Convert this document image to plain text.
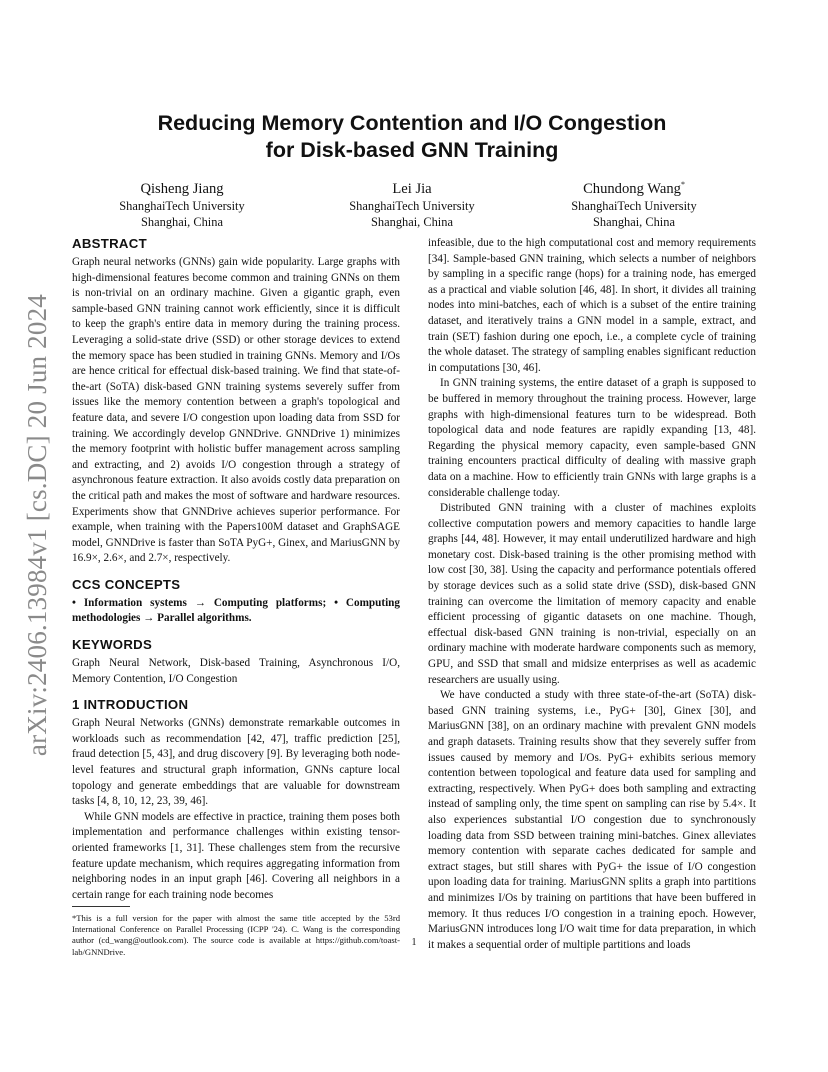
arXiv:2406.13984v1 [cs.DC] 20 Jun 2024
Reducing Memory Contention and I/O Congestion
for Disk-based GNN Training
Qisheng Jiang
ShanghaiTech University
Shanghai, China
Lei Jia
ShanghaiTech University
Shanghai, China
Chundong Wang*
ShanghaiTech University
Shanghai, China
ABSTRACT

Graph neural networks (GNNs) gain wide popularity. Large graphs with high-dimensional features become common and training GNNs on them is non-trivial on an ordinary machine. Given a gigantic graph, even sample-based GNN training cannot work efficiently, since it is difficult to keep the graph's entire data in memory during the training process. Leveraging a solid-state drive (SSD) or other storage devices to extend the memory space has been studied in training GNNs. Memory and I/Os are hence critical for effectual disk-based training. We find that state-of-the-art (SoTA) disk-based GNN training systems severely suffer from issues like the memory contention between a graph's topological and feature data, and severe I/O congestion upon loading data from SSD for training. We accordingly develop GNNDrive. GNNDrive 1) minimizes the memory footprint with holistic buffer management across sampling and extracting, and 2) avoids I/O congestion through a strategy of asynchronous feature extraction. It also avoids costly data preparation on the critical path and makes the most of software and hardware resources. Experiments show that GNNDrive achieves superior performance. For example, when training with the Papers100M dataset and GraphSAGE model, GNNDrive is faster than SoTA PyG+, Ginex, and MariusGNN by 16.9×, 2.6×, and 2.7×, respectively.

CCS CONCEPTS

• Information systems → Computing platforms; • Computing methodologies → Parallel algorithms.

KEYWORDS

Graph Neural Network, Disk-based Training, Asynchronous I/O, Memory Contention, I/O Congestion

1 INTRODUCTION

Graph Neural Networks (GNNs) demonstrate remarkable outcomes in workloads such as recommendation [42, 47], traffic prediction [25], fraud detection [5, 43], and drug discovery [9]. By leveraging both node-level features and structural graph information, GNNs capture local topology and generate embeddings that are valuable for downstream tasks [4, 8, 10, 12, 23, 39, 46].

While GNN models are effective in practice, training them poses both implementation and performance challenges within existing tensor-oriented frameworks [1, 31]. These challenges stem from the recursive feature update mechanism, which requires aggregating information from neighboring nodes in an input graph [46]. Covering all neighbors in a certain range for each training node becomes

infeasible, due to the high computational cost and memory requirements [34]. Sample-based GNN training, which selects a number of neighbors by sampling in a specific range (hops) for a training node, has emerged as a practical and viable solution [46, 48]. In short, it divides all training nodes into mini-batches, each of which is a subset of the entire training dataset, and iteratively trains a GNN model in a sample, extract, and train (SET) fashion during one epoch, i.e., a complete cycle of training the whole dataset. The strategy of sampling enables significant reduction in computations [30, 46].

In GNN training systems, the entire dataset of a graph is supposed to be buffered in memory throughout the training process. However, large graphs with high-dimensional features turn to be widespread. Both topological data and node features are rapidly expanding [13, 48]. Regarding the physical memory capacity, even sample-based GNN training encounters practical difficulty of dealing with massive graph data on a machine. How to efficiently train GNNs with large graphs is a considerable challenge today.

Distributed GNN training with a cluster of machines exploits collective computation powers and memory capacities to handle large graphs [44, 48]. However, it may entail underutilized hardware and high monetary cost. Disk-based training is the other promising method with low cost [30, 38]. Using the capacity and performance potentials offered by storage devices such as a solid state drive (SSD), disk-based GNN training can overcome the limitation of memory capacity and enable efficient processing of gigantic datasets on one machine. Though, effectual disk-based GNN training is non-trivial, especially on an ordinary machine with moderate hardware components such as memory, GPU, and SSD that small and midsize enterprises as well as academic researchers are usually using.

We have conducted a study with three state-of-the-art (SoTA) disk-based GNN training systems, i.e., PyG+ [30], Ginex [30], and MariusGNN [38], on an ordinary machine with prevalent GNN models and graph datasets. Training results show that they severely suffer from issues caused by memory and I/Os. PyG+ exhibits serious memory contention between topological and feature data used for sampling and extracting, respectively. When PyG+ does both sampling and extracting instead of sampling only, the time spent on sampling can rise by 5.4×. It also experiences substantial I/O congestion due to synchronously loading data from SSD between training mini-batches. Ginex alleviates memory contention with separate caches dedicated for sample and extract stages, but still shares with PyG+ the issue of I/O congestion upon loading data for training. MariusGNN splits a graph into partitions and minimizes I/Os by training on partitions that have been buffered in memory. It thus reduces I/O congestion in a training epoch. However, MariusGNN introduces long I/O wait time for data preparation, in which it makes a sequential order of multiple partitions and loads

*This is a full version for the paper with almost the same title accepted by the 53rd International Conference on Parallel Processing (ICPP '24). C. Wang is the corresponding author (cd_wang@outlook.com). The source code is available at https://github.com/toast-lab/GNNDrive.
1
